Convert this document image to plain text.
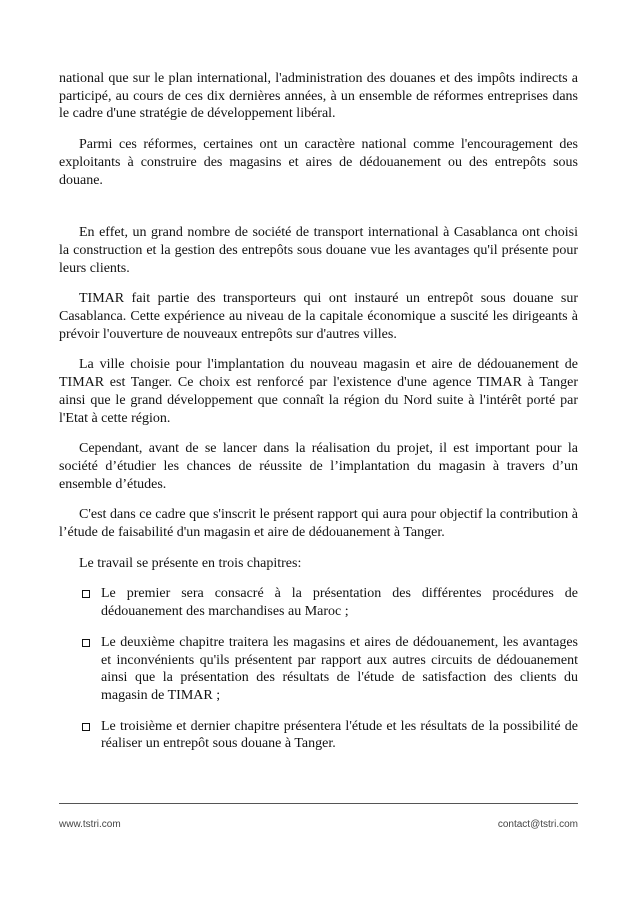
national que sur le plan international, l'administration des douanes et des impôts indirects a participé, au cours de ces dix dernières années, à un ensemble de réformes entreprises dans le cadre d'une stratégie de développement libéral.

Parmi ces réformes, certaines ont un caractère national comme l'encouragement des exploitants à construire des magasins et aires de dédouanement ou des entrepôts sous douane.

En effet, un grand nombre de société de transport international à Casablanca ont choisi la construction et la gestion des entrepôts sous douane vue les avantages qu'il présente pour leurs clients.

TIMAR fait partie des transporteurs qui ont instauré un entrepôt sous douane sur Casablanca. Cette expérience au niveau de la capitale économique a suscité les dirigeants à prévoir l'ouverture de nouveaux entrepôts sur d'autres villes.

La ville choisie pour l'implantation du nouveau magasin et aire de dédouanement de TIMAR est Tanger. Ce choix est renforcé par l'existence d'une agence TIMAR à Tanger ainsi que le grand développement que connaît la région du Nord suite à l'intérêt porté par l'Etat à cette région.

Cependant, avant de se lancer dans la réalisation du projet, il est important pour la société d’étudier les chances de réussite de l’implantation du magasin à travers d’un ensemble d’études.

C'est dans ce cadre que s'inscrit le présent rapport qui aura pour objectif la contribution à l’étude de faisabilité d'un magasin et aire de dédouanement à Tanger.

Le travail se présente en trois chapitres:

Le premier sera consacré à la présentation des différentes procédures de dédouanement des marchandises au Maroc ;
Le deuxième chapitre traitera les magasins et aires de dédouanement, les avantages et inconvénients qu'ils présentent par rapport aux autres circuits de dédouanement ainsi que la présentation des résultats de l'étude de satisfaction des clients du magasin de TIMAR ;
Le troisième et dernier chapitre présentera l'étude et les résultats de la possibilité de réaliser un entrepôt sous douane à Tanger.
www.tstri.com	contact@tstri.com
